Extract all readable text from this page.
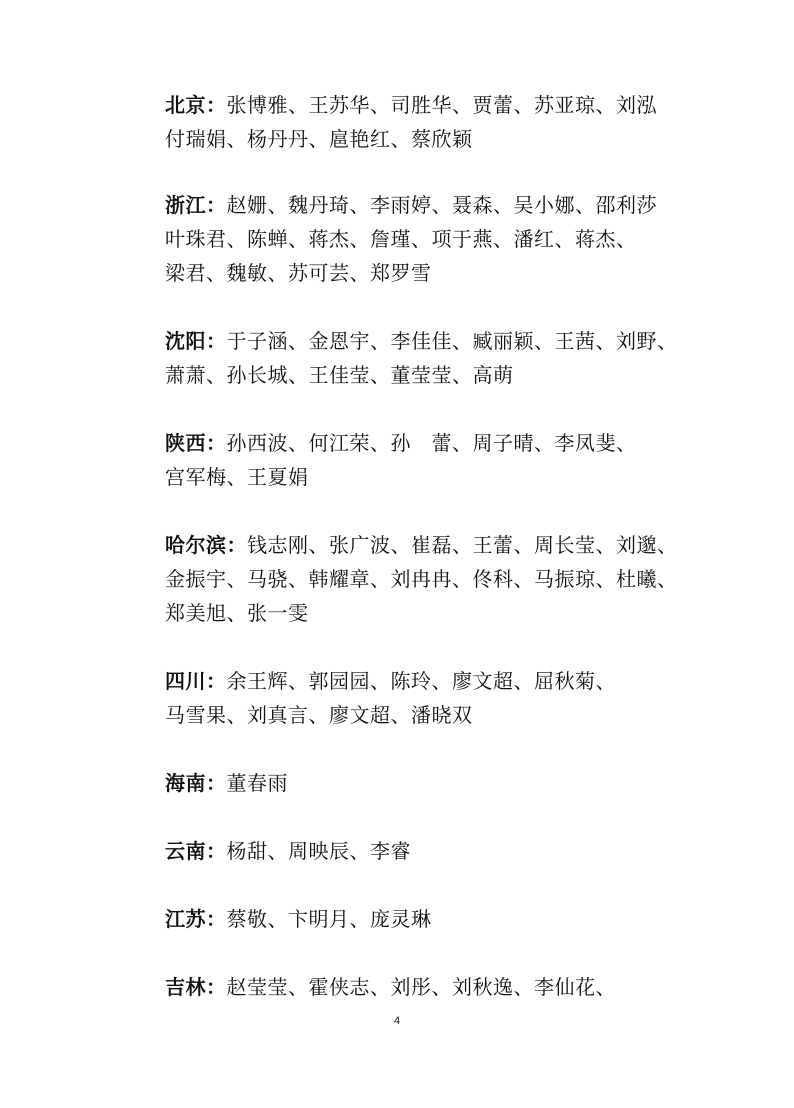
北京：张博雅、王苏华、司胜华、贾蕾、苏亚琼、刘泓
付瑞娟、杨丹丹、扈艳红、蔡欣颖
浙江：赵姗、魏丹琦、李雨婷、聂森、吴小娜、邵利莎
叶珠君、陈蝉、蒋杰、詹瑾、项于燕、潘红、蒋杰、
梁君、魏敏、苏可芸、郑罗雪
沈阳：于子涵、金恩宇、李佳佳、臧丽颖、王茜、刘野、
萧萧、孙长城、王佳莹、董莹莹、高萌
陕西：孙西波、何江荣、孙　蕾、周子晴、李凤斐、
宫军梅、王夏娟
哈尔滨：钱志刚、张广波、崔磊、王蕾、周长莹、刘邈、
金振宇、马骁、韩耀章、刘冉冉、佟科、马振琼、杜曦、
郑美旭、张一雯
四川：余王辉、郭园园、陈玲、廖文超、屈秋菊、
马雪果、刘真言、廖文超、潘晓双
海南：董春雨
云南：杨甜、周映辰、李睿
江苏：蔡敬、卞明月、庞灵琳
吉林：赵莹莹、霍侠志、刘彤、刘秋逸、李仙花、
4
